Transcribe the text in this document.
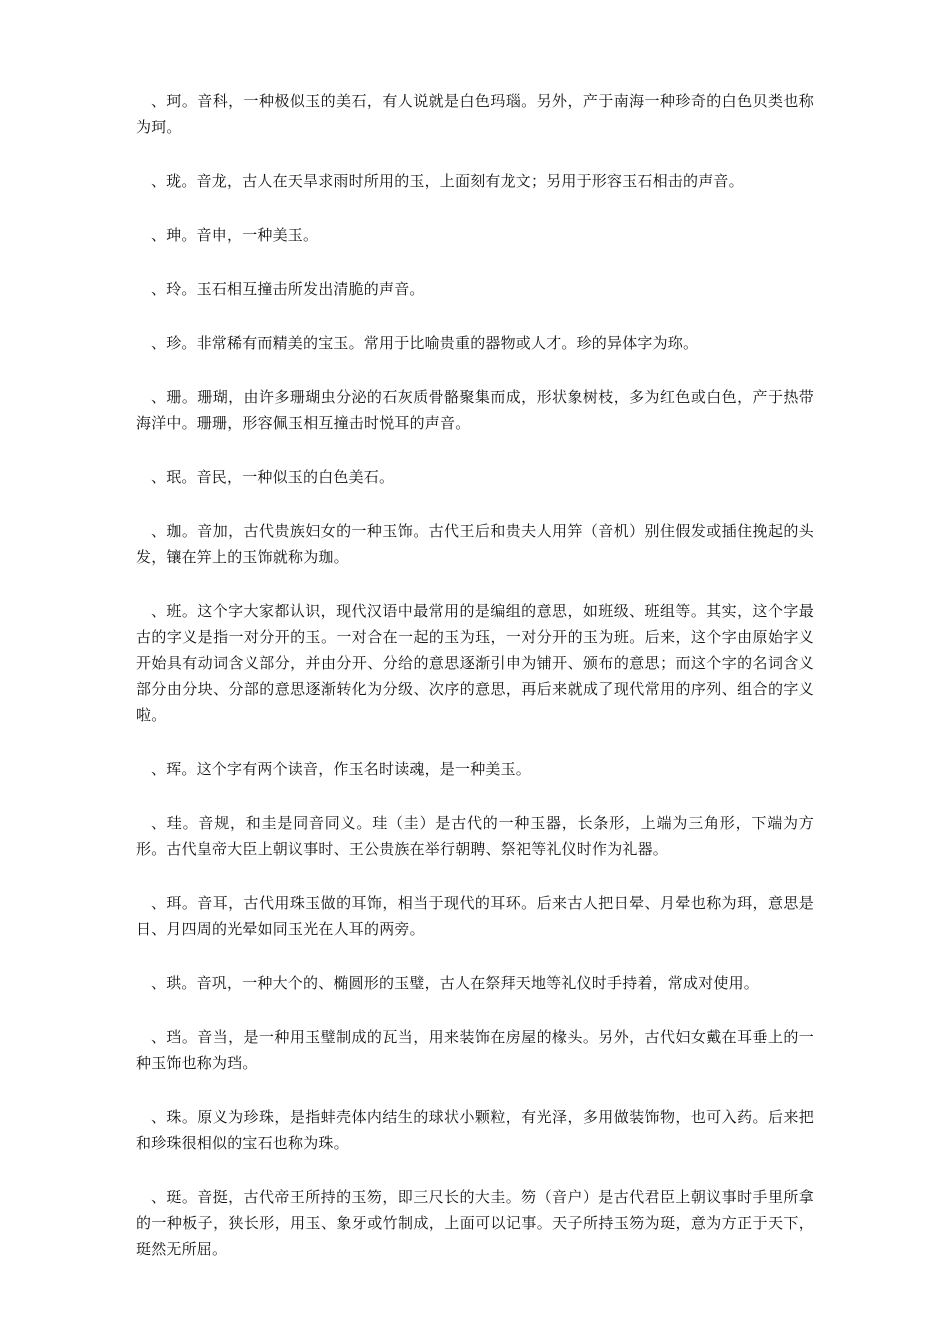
、珂。音科，一种极似玉的美石，有人说就是白色玛瑙。另外，产于南海一种珍奇的白色贝类也称为珂。

、珑。音龙，古人在天旱求雨时所用的玉，上面刻有龙文；另用于形容玉石相击的声音。

、珅。音申，一种美玉。

、玲。玉石相互撞击所发出清脆的声音。

、珍。非常稀有而精美的宝玉。常用于比喻贵重的器物或人才。珍的异体字为珎。

、珊。珊瑚，由许多珊瑚虫分泌的石灰质骨骼聚集而成，形状象树枝，多为红色或白色，产于热带海洋中。珊珊，形容佩玉相互撞击时悦耳的声音。

、珉。音民，一种似玉的白色美石。

、珈。音加，古代贵族妇女的一种玉饰。古代王后和贵夫人用笄（音机）别住假发或插住挽起的头发，镶在笄上的玉饰就称为珈。

、班。这个字大家都认识，现代汉语中最常用的是编组的意思，如班级、班组等。其实，这个字最古的字义是指一对分开的玉。一对合在一起的玉为珏，一对分开的玉为班。后来，这个字由原始字义开始具有动词含义部分，并由分开、分给的意思逐渐引申为铺开、颁布的意思；而这个字的名词含义部分由分块、分部的意思逐渐转化为分级、次序的意思，再后来就成了现代常用的序列、组合的字义啦。

、珲。这个字有两个读音，作玉名时读魂，是一种美玉。

、珪。音规，和圭是同音同义。珪（圭）是古代的一种玉器，长条形，上端为三角形，下端为方形。古代皇帝大臣上朝议事时、王公贵族在举行朝聘、祭祀等礼仪时作为礼器。

、珥。音耳，古代用珠玉做的耳饰，相当于现代的耳环。后来古人把日晕、月晕也称为珥，意思是日、月四周的光晕如同玉光在人耳的两旁。

、珙。音巩，一种大个的、椭圆形的玉璧，古人在祭拜天地等礼仪时手持着，常成对使用。

、珰。音当，是一种用玉璧制成的瓦当，用来装饰在房屋的椽头。另外，古代妇女戴在耳垂上的一种玉饰也称为珰。

、珠。原义为珍珠，是指蚌壳体内结生的球状小颗粒，有光泽，多用做装饰物，也可入药。后来把和珍珠很相似的宝石也称为珠。

、珽。音挺，古代帝王所持的玉笏，即三尺长的大圭。笏（音户）是古代君臣上朝议事时手里所拿的一种板子，狭长形，用玉、象牙或竹制成，上面可以记事。天子所持玉笏为珽，意为方正于天下，珽然无所屈。
